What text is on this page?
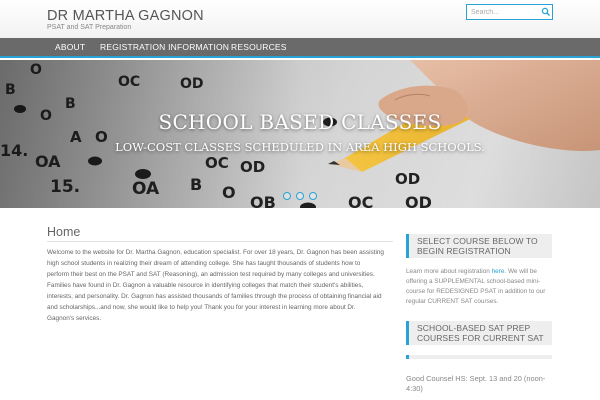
DR MARTHA GAGNON
PSAT and SAT Preparation
Search...
ABOUT REGISTRATION INFORMATION RESOURCES
SCHOOL BASED CLASSES
LOW-COST CLASSES SCHEDULED IN AREA HIGH SCHOOLS.
Home
Welcome to the website for Dr. Martha Gagnon, education specialist. For over 18 years, Dr. Gagnon has been assisting
high school students in realizing their dream of attending college. She has taught thousands of students how to
perform their best on the PSAT and SAT (Reasoning), an admission test required by many colleges and universities.
Families have found in Dr. Gagnon a valuable resource in identifying colleges that match their student's abilities,
interests, and personality. Dr. Gagnon has assisted thousands of families through the process of obtaining financial aid
and scholarships...and now, she would like to help you! Thank you for your interest in learning more about Dr.
Gagnon's services.
SELECT COURSE BELOW TO
BEGIN REGISTRATION
Learn more about registration here. We will be
offering a SUPPLEMENTAL school-based mini-
course for REDESIGNED PSAT in addition to our
regular CURRENT SAT courses.
SCHOOL-BASED SAT PREP
COURSES FOR CURRENT SAT
Good Counsel HS: Sept. 13 and 20 (noon-
4:30)
